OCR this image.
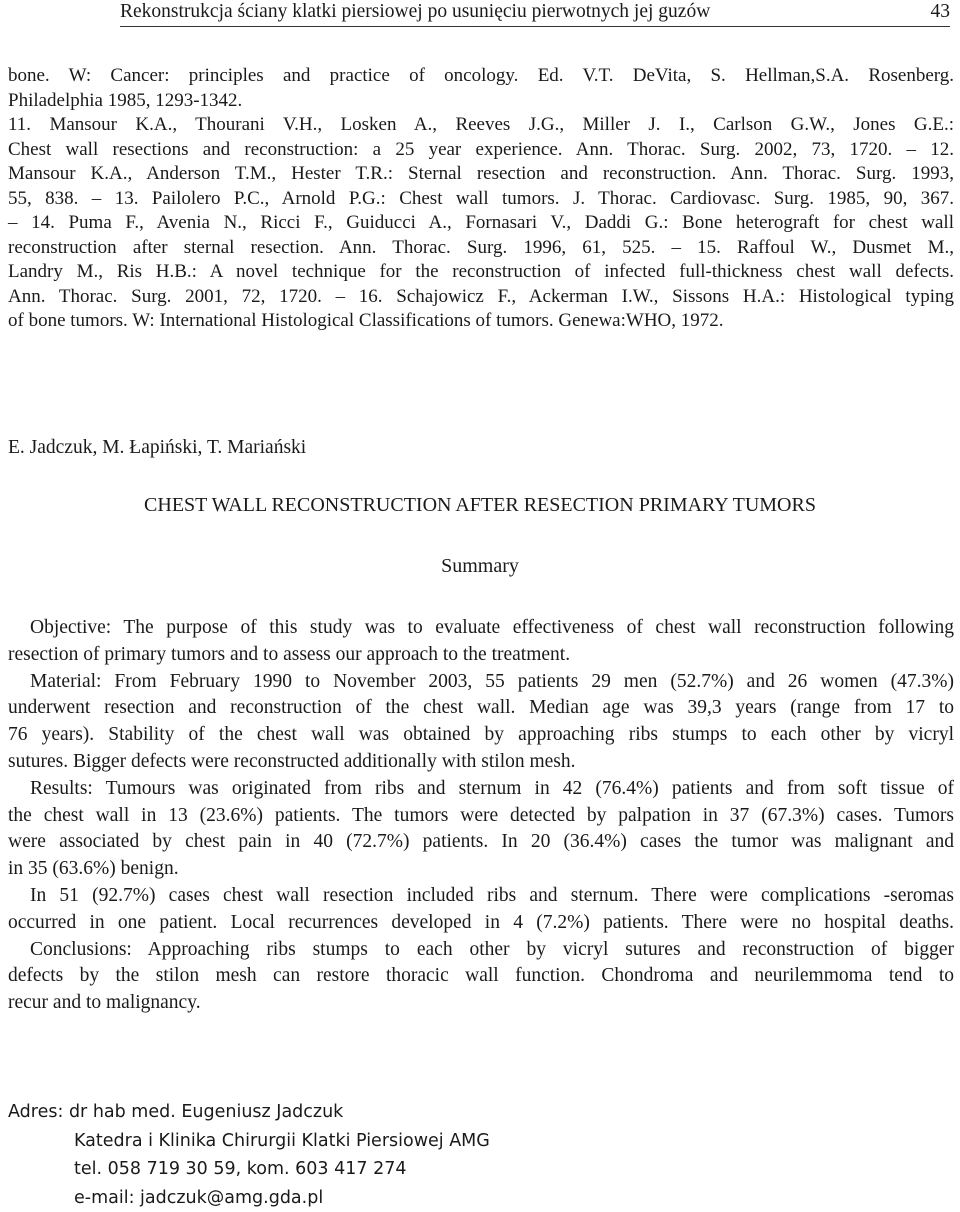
Rekonstrukcja ściany klatki piersiowej po usunięciu pierwotnych jej guzów	43
bone. W: Cancer: principles and practice of oncology. Ed. V.T. DeVita, S. Hellman,S.A. Rosenberg.
Philadelphia 1985, 1293-1342.
11. Mansour K.A., Thourani V.H., Losken A., Reeves J.G., Miller J. I., Carlson G.W., Jones G.E.:
Chest wall resections and reconstruction: a 25 year experience. Ann. Thorac. Surg. 2002, 73, 1720. – 12.
Mansour K.A., Anderson T.M., Hester T.R.: Sternal resection and reconstruction. Ann. Thorac. Surg. 1993,
55, 838. – 13. Pailolero P.C., Arnold P.G.: Chest wall tumors. J. Thorac. Cardiovasc. Surg. 1985, 90, 367.
– 14. Puma F., Avenia N., Ricci F., Guiducci A., Fornasari V., Daddi G.: Bone heterograft for chest wall
reconstruction after sternal resection. Ann. Thorac. Surg. 1996, 61, 525. – 15. Raffoul W., Dusmet M.,
Landry M., Ris H.B.: A novel technique for the reconstruction of infected full-thickness chest wall defects.
Ann. Thorac. Surg. 2001, 72, 1720. – 16. Schajowicz F., Ackerman I.W., Sissons H.A.: Histological typing
of bone tumors. W: International Histological Classifications of tumors. Genewa:WHO, 1972.
E. Jadczuk, M. Łapiński, T. Mariański
CHEST WALL RECONSTRUCTION AFTER RESECTION PRIMARY TUMORS
Summary
Objective: The purpose of this study was to evaluate effectiveness of chest wall reconstruction following
resection of primary tumors and to assess our approach to the treatment.
Material: From February 1990 to November 2003, 55 patients 29 men (52.7%) and 26 women (47.3%)
underwent resection and reconstruction of the chest wall. Median age was 39,3 years (range from 17 to
76 years). Stability of the chest wall was obtained by approaching ribs stumps to each other by vicryl
sutures. Bigger defects were reconstructed additionally with stilon mesh.
Results: Tumours was originated from ribs and sternum in 42 (76.4%) patients and from soft tissue of
the chest wall in 13 (23.6%) patients. The tumors were detected by palpation in 37 (67.3%) cases. Tumors
were associated by chest pain in 40 (72.7%) patients. In 20 (36.4%) cases the tumor was malignant and
in 35 (63.6%) benign.
In 51 (92.7%) cases chest wall resection included ribs and sternum. There were complications -seromas
occurred in one patient. Local recurrences developed in 4 (7.2%) patients. There were no hospital deaths.
Conclusions: Approaching ribs stumps to each other by vicryl sutures and reconstruction of bigger
defects by the stilon mesh can restore thoracic wall function. Chondroma and neurilemmoma tend to
recur and to malignancy.
Adres: dr hab med. Eugeniusz Jadczuk
Katedra i Klinika Chirurgii Klatki Piersiowej AMG
tel. 058 719 30 59, kom. 603 417 274
e-mail: jadczuk@amg.gda.pl
